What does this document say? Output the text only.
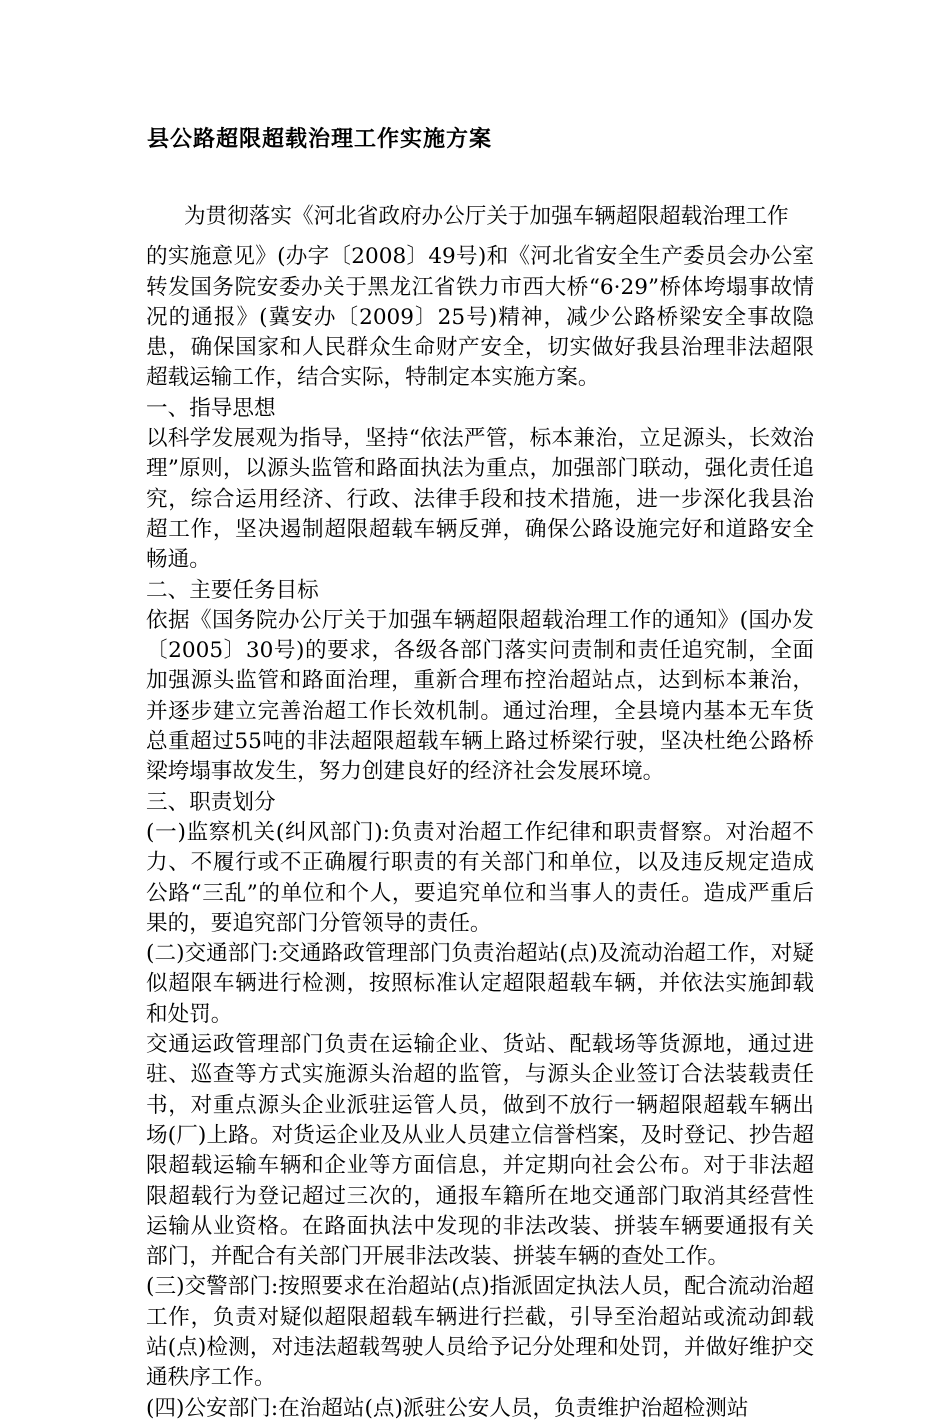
县公路超限超载治理工作实施方案

为贯彻落实《河北省政府办公厅关于加强车辆超限超载治理工作

的实施意见》(办字〔2008〕49号)和《河北省安全生产委员会办公室转发国务院安委办关于黑龙江省铁力市西大桥“6·29”桥体垮塌事故情况的通报》(冀安办〔2009〕25号)精神，减少公路桥梁安全事故隐患，确保国家和人民群众生命财产安全，切实做好我县治理非法超限超载运输工作，结合实际，特制定本实施方案。

一、指导思想

以科学发展观为指导，坚持“依法严管，标本兼治，立足源头，长效治理”原则，以源头监管和路面执法为重点，加强部门联动，强化责任追究，综合运用经济、行政、法律手段和技术措施，进一步深化我县治超工作，坚决遏制超限超载车辆反弹，确保公路设施完好和道路安全畅通。

二、主要任务目标

依据《国务院办公厅关于加强车辆超限超载治理工作的通知》(国办发〔2005〕30号)的要求，各级各部门落实问责制和责任追究制，全面加强源头监管和路面治理，重新合理布控治超站点，达到标本兼治，并逐步建立完善治超工作长效机制。通过治理，全县境内基本无车货总重超过55吨的非法超限超载车辆上路过桥梁行驶，坚决杜绝公路桥梁垮塌事故发生，努力创建良好的经济社会发展环境。

三、职责划分

(一)监察机关(纠风部门):负责对治超工作纪律和职责督察。对治超不力、不履行或不正确履行职责的有关部门和单位，以及违反规定造成公路“三乱”的单位和个人，要追究单位和当事人的责任。造成严重后果的，要追究部门分管领导的责任。

(二)交通部门:交通路政管理部门负责治超站(点)及流动治超工作，对疑似超限车辆进行检测，按照标准认定超限超载车辆，并依法实施卸载和处罚。

交通运政管理部门负责在运输企业、货站、配载场等货源地，通过进驻、巡查等方式实施源头治超的监管，与源头企业签订合法装载责任书，对重点源头企业派驻运管人员，做到不放行一辆超限超载车辆出场(厂)上路。对货运企业及从业人员建立信誉档案，及时登记、抄告超限超载运输车辆和企业等方面信息，并定期向社会公布。对于非法超限超载行为登记超过三次的，通报车籍所在地交通部门取消其经营性运输从业资格。在路面执法中发现的非法改装、拼装车辆要通报有关部门，并配合有关部门开展非法改装、拼装车辆的查处工作。

(三)交警部门:按照要求在治超站(点)指派固定执法人员，配合流动治超工作，负责对疑似超限超载车辆进行拦截，引导至治超站或流动卸载站(点)检测，对违法超载驾驶人员给予记分处理和处罚，并做好维护交通秩序工作。

(四)公安部门:在治超站(点)派驻公安人员，负责维护治超检测站
